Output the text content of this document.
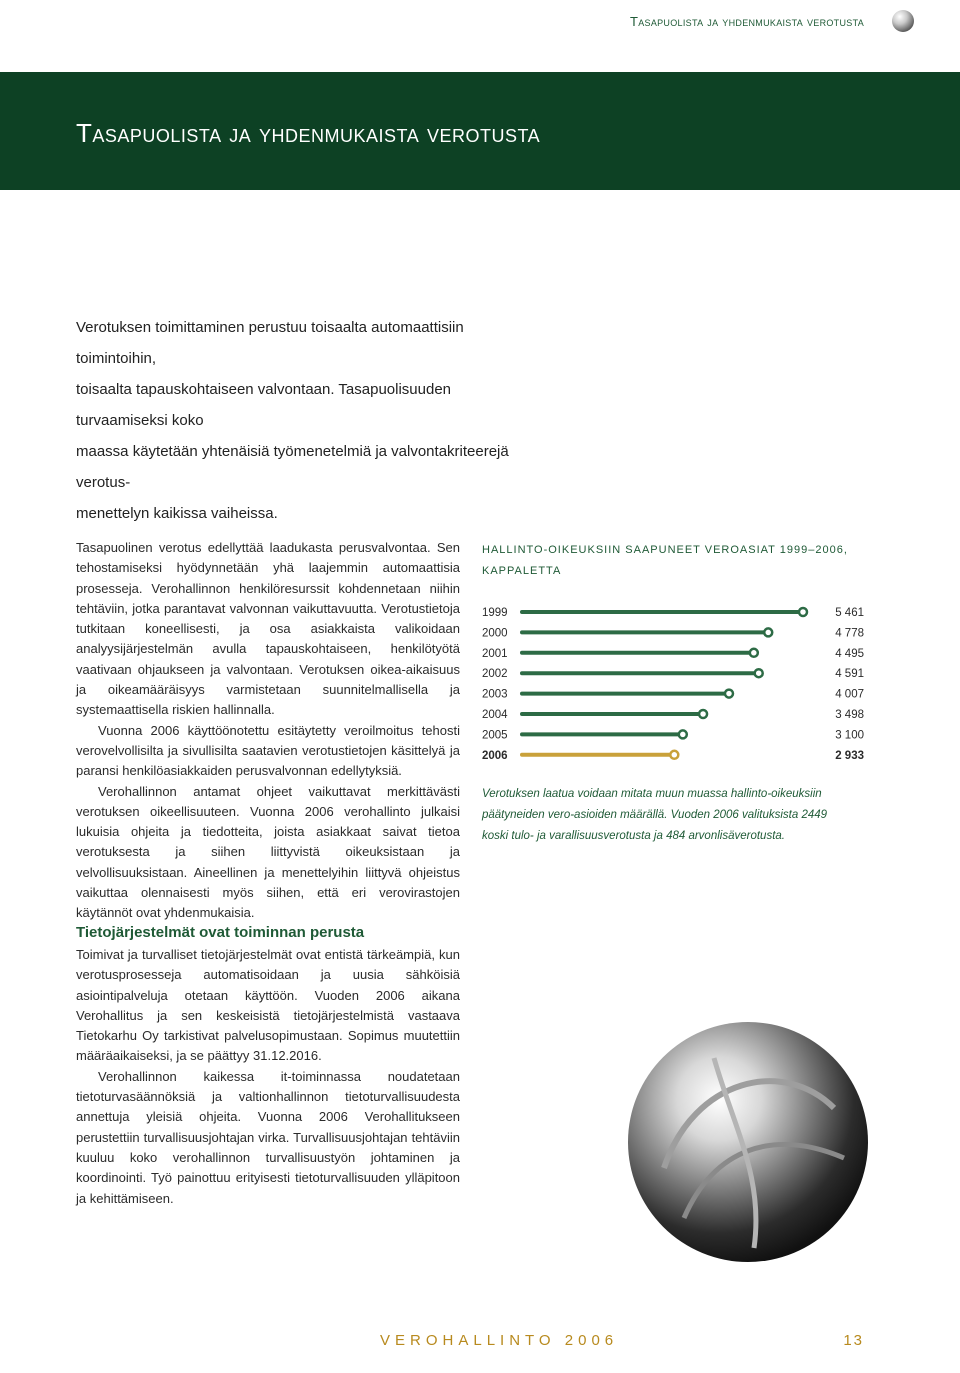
Tasapuolista ja yhdenmukaista verotusta
Tasapuolista ja yhdenmukaista verotusta

Verotuksen toimittaminen perustuu toisaalta automaattisiin toimintoihin,

toisaalta tapauskohtaiseen valvontaan. Tasapuolisuuden turvaamiseksi koko

maassa käytetään yhtenäisiä työmenetelmiä ja valvontakriteerejä verotus-

menettelyn kaikissa vaiheissa.

Tasapuolinen verotus edellyttää laadukasta perusvalvontaa. Sen tehostamiseksi hyödynnetään yhä laajemmin automaattisia prosesseja. Verohallinnon henkilöresurssit kohdennetaan niihin tehtäviin, jotka parantavat valvonnan vaikuttavuutta. Verotustietoja tutkitaan koneellisesti, ja osa asiakkaista valikoidaan analyysijärjestelmän avulla tapauskohtaiseen, henkilötyötä vaativaan ohjaukseen ja valvontaan. Verotuksen oikea-aikaisuus ja oikeamääräisyys varmistetaan suunnitelmallisella ja systemaattisella riskien hallinnalla.

Vuonna 2006 käyttöönotettu esitäytetty veroilmoitus tehosti verovelvollisilta ja sivullisilta saatavien verotustietojen käsittelyä ja paransi henkilöasiakkaiden perusvalvonnan edellytyksiä.

Verohallinnon antamat ohjeet vaikuttavat merkittävästi verotuksen oikeellisuuteen. Vuonna 2006 verohallinto julkaisi lukuisia ohjeita ja tiedotteita, joista asiakkaat saivat tietoa verotuksesta ja siihen liittyvistä oikeuksistaan ja velvollisuuksistaan. Aineellinen ja menettelyihin liittyvä ohjeistus vaikuttaa olennaisesti myös siihen, että eri verovirastojen käytännöt ovat yhdenmukaisia.

Tietojärjestelmät ovat toiminnan perusta

Toimivat ja turvalliset tietojärjestelmät ovat entistä tärkeämpiä, kun verotusprosesseja automatisoidaan ja uusia sähköisiä asiointipalveluja otetaan käyttöön. Vuoden 2006 aikana Verohallitus ja sen keskeisistä tietojärjestelmistä vastaava Tietokarhu Oy tarkistivat palvelusopimustaan. Sopimus muutettiin määräaikaiseksi, ja se päättyy 31.12.2016.

Verohallinnon kaikessa it-toiminnassa noudatetaan tietoturvasäännöksiä ja valtionhallinnon tietoturvallisuudesta annettuja yleisiä ohjeita. Vuonna 2006 Verohallitukseen perustettiin turvallisuusjohtajan virka. Turvallisuusjohtajan tehtäviin kuuluu koko verohallinnon turvallisuustyön johtaminen ja koordinointi. Työ painottuu erityisesti tietoturvallisuuden ylläpitoon ja kehittämiseen.

HALLINTO-OIKEUKSIIN SAAPUNEET VEROASIAT 1999–2006,
KAPPALETTA
1999	5 461
2000	4 778
2001	4 495
2002	4 591
2003	4 007
2004	3 498
2005	3 100
2006	2 933
Verotuksen laatua voidaan mitata muun muassa hallinto-oikeuksiin
päätyneiden vero-asioiden määrällä. Vuoden 2006 valituksista 2449
koski tulo- ja varallisuusverotusta ja 484 arvonlisäverotusta.
VEROHALLINTO 2006	13
